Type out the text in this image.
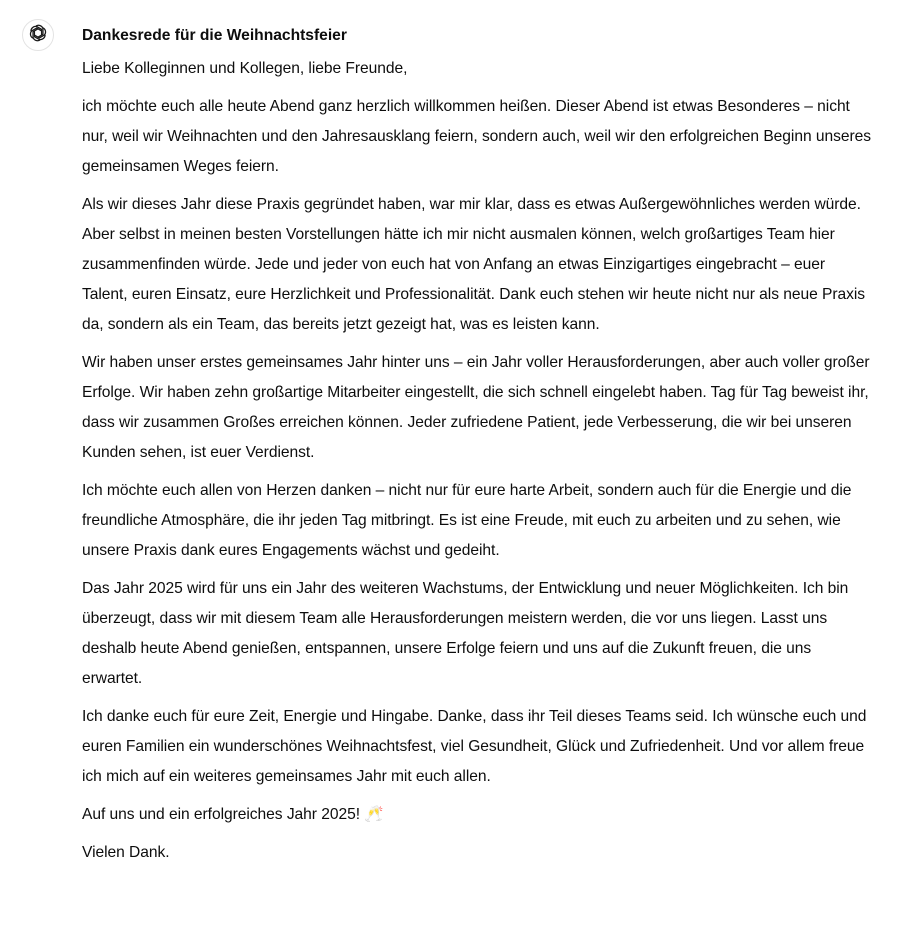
Dankesrede für die Weihnachtsfeier

Liebe Kolleginnen und Kollegen, liebe Freunde,

ich möchte euch alle heute Abend ganz herzlich willkommen heißen. Dieser Abend ist etwas Besonderes – nicht nur, weil wir Weihnachten und den Jahresausklang feiern, sondern auch, weil wir den erfolgreichen Beginn unseres gemeinsamen Weges feiern.

Als wir dieses Jahr diese Praxis gegründet haben, war mir klar, dass es etwas Außergewöhnliches werden würde. Aber selbst in meinen besten Vorstellungen hätte ich mir nicht ausmalen können, welch großartiges Team hier zusammenfinden würde. Jede und jeder von euch hat von Anfang an etwas Einzigartiges eingebracht – euer Talent, euren Einsatz, eure Herzlichkeit und Professionalität. Dank euch stehen wir heute nicht nur als neue Praxis da, sondern als ein Team, das bereits jetzt gezeigt hat, was es leisten kann.

Wir haben unser erstes gemeinsames Jahr hinter uns – ein Jahr voller Herausforderungen, aber auch voller großer Erfolge. Wir haben zehn großartige Mitarbeiter eingestellt, die sich schnell eingelebt haben. Tag für Tag beweist ihr, dass wir zusammen Großes erreichen können. Jeder zufriedene Patient, jede Verbesserung, die wir bei unseren Kunden sehen, ist euer Verdienst.

Ich möchte euch allen von Herzen danken – nicht nur für eure harte Arbeit, sondern auch für die Energie und die freundliche Atmosphäre, die ihr jeden Tag mitbringt. Es ist eine Freude, mit euch zu arbeiten und zu sehen, wie unsere Praxis dank eures Engagements wächst und gedeiht.

Das Jahr 2025 wird für uns ein Jahr des weiteren Wachstums, der Entwicklung und neuer Möglichkeiten. Ich bin überzeugt, dass wir mit diesem Team alle Herausforderungen meistern werden, die vor uns liegen. Lasst uns deshalb heute Abend genießen, entspannen, unsere Erfolge feiern und uns auf die Zukunft freuen, die uns erwartet.

Ich danke euch für eure Zeit, Energie und Hingabe. Danke, dass ihr Teil dieses Teams seid. Ich wünsche euch und euren Familien ein wunderschönes Weihnachtsfest, viel Gesundheit, Glück und Zufriedenheit. Und vor allem freue ich mich auf ein weiteres gemeinsames Jahr mit euch allen.

Auf uns und ein erfolgreiches Jahr 2025! 🥂

Vielen Dank.
